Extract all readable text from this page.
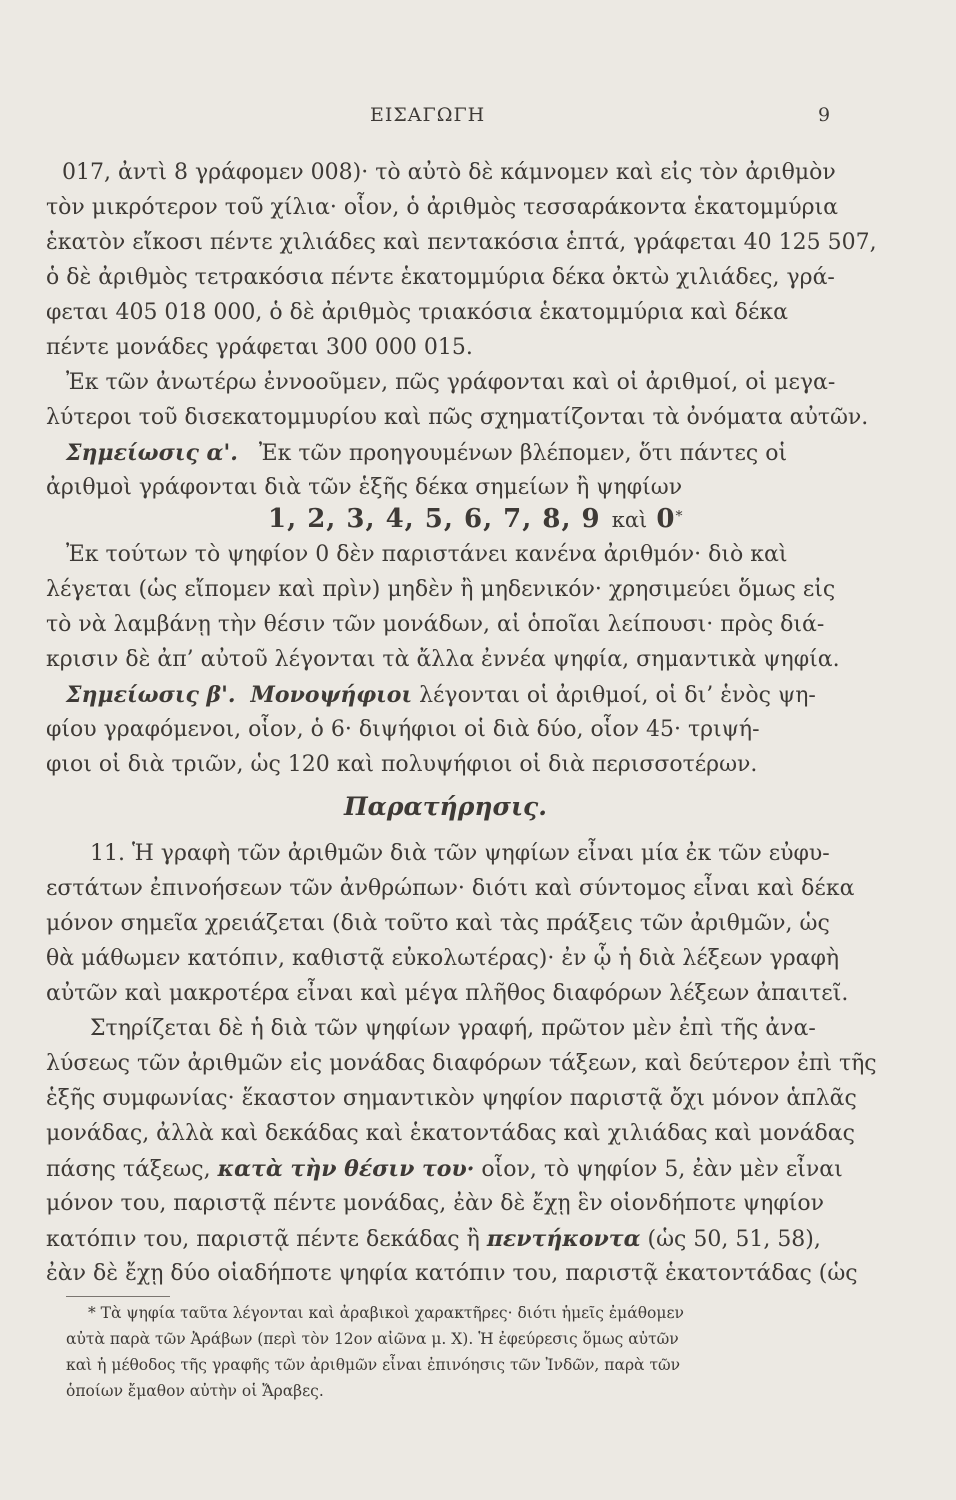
ΕΙΣΑΓΩΓΗ	9
017, ἀντὶ 8 γράφομεν 008)· τὸ αὐτὸ δὲ κάμνομεν καὶ εἰς τὸν ἀριθμὸν
τὸν μικρότερον τοῦ χίλια· οἷον, ὁ ἀριθμὸς τεσσαράκοντα ἑκατομμύρια
ἑκατὸν εἴκοσι πέντε χιλιάδες καὶ πεντακόσια ἑπτά, γράφεται 40 125 507,
ὁ δὲ ἀριθμὸς τετρακόσια πέντε ἑκατομμύρια δέκα ὀκτὼ χιλιάδες, γρά-
φεται 405 018 000, ὁ δὲ ἀριθμὸς τριακόσια ἑκατομμύρια καὶ δέκα
πέντε μονάδες γράφεται 300 000 015.
Ἐκ τῶν ἀνωτέρω ἐννοοῦμεν, πῶς γράφονται καὶ οἱ ἀριθμοί, οἱ μεγα-
λύτεροι τοῦ δισεκατομμυρίου καὶ πῶς σχηματίζονται τὰ ὀνόματα αὐτῶν.
Σημείωσις α'. Ἐκ τῶν προηγουμένων βλέπομεν, ὅτι πάντες οἱ
ἀριθμοὶ γράφονται διὰ τῶν ἑξῆς δέκα σημείων ἢ ψηφίων
1, 2, 3, 4, 5, 6, 7, 8, 9 καὶ 0*
Ἐκ τούτων τὸ ψηφίον 0 δὲν παριστάνει κανένα ἀριθμόν· διὸ καὶ
λέγεται (ὡς εἴπομεν καὶ πρὶν) μηδὲν ἢ μηδενικόν· χρησιμεύει ὅμως εἰς
τὸ νὰ λαμβάνῃ τὴν θέσιν τῶν μονάδων, αἱ ὁποῖαι λείπουσι· πρὸς διά-
κρισιν δὲ ἀπ’ αὐτοῦ λέγονται τὰ ἄλλα ἐννέα ψηφία, σημαντικὰ ψηφία.
Σημείωσις β'. Μονοψήφιοι λέγονται οἱ ἀριθμοί, οἱ δι’ ἑνὸς ψη-
φίου γραφόμενοι, οἷον, ὁ 6· διψήφιοι οἱ διὰ δύο, οἷον 45· τριψή-
φιοι οἱ διὰ τριῶν, ὡς 120 καὶ πολυψήφιοι οἱ διὰ περισσοτέρων.
Παρατήρησις.
11. Ἡ γραφὴ τῶν ἀριθμῶν διὰ τῶν ψηφίων εἶναι μία ἐκ τῶν εὐφυ-
εστάτων ἐπινοήσεων τῶν ἀνθρώπων· διότι καὶ σύντομος εἶναι καὶ δέκα
μόνον σημεῖα χρειάζεται (διὰ τοῦτο καὶ τὰς πράξεις τῶν ἀριθμῶν, ὡς
θὰ μάθωμεν κατόπιν, καθιστᾷ εὐκολωτέρας)· ἐν ᾧ ἡ διὰ λέξεων γραφὴ
αὐτῶν καὶ μακροτέρα εἶναι καὶ μέγα πλῆθος διαφόρων λέξεων ἀπαιτεῖ.
Στηρίζεται δὲ ἡ διὰ τῶν ψηφίων γραφή, πρῶτον μὲν ἐπὶ τῆς ἀνα-
λύσεως τῶν ἀριθμῶν εἰς μονάδας διαφόρων τάξεων, καὶ δεύτερον ἐπὶ τῆς
ἑξῆς συμφωνίας· ἕκαστον σημαντικὸν ψηφίον παριστᾷ ὄχι μόνον ἁπλᾶς
μονάδας, ἀλλὰ καὶ δεκάδας καὶ ἑκατοντάδας καὶ χιλιάδας καὶ μονάδας
πάσης τάξεως, κατὰ τὴν θέσιν του· οἷον, τὸ ψηφίον 5, ἐὰν μὲν εἶναι
μόνον του, παριστᾷ πέντε μονάδας, ἐὰν δὲ ἔχῃ ἓν οἱονδήποτε ψηφίον
κατόπιν του, παριστᾷ πέντε δεκάδας ἢ πεντήκοντα (ὡς 50, 51, 58),
ἐὰν δὲ ἔχῃ δύο οἱαδήποτε ψηφία κατόπιν του, παριστᾷ ἑκατοντάδας (ὡς
* Τὰ ψηφία ταῦτα λέγονται καὶ ἀραβικοὶ χαρακτῆρες· διότι ἡμεῖς ἐμάθομεν
αὐτὰ παρὰ τῶν Ἀράβων (περὶ τὸν 12ον αἰῶνα μ. Χ). Ἡ ἐφεύρεσις ὅμως αὐτῶν
καὶ ἡ μέθοδος τῆς γραφῆς τῶν ἀριθμῶν εἶναι ἐπινόησις τῶν Ἰνδῶν, παρὰ τῶν
ὁποίων ἔμαθον αὐτὴν οἱ Ἄραβες.
